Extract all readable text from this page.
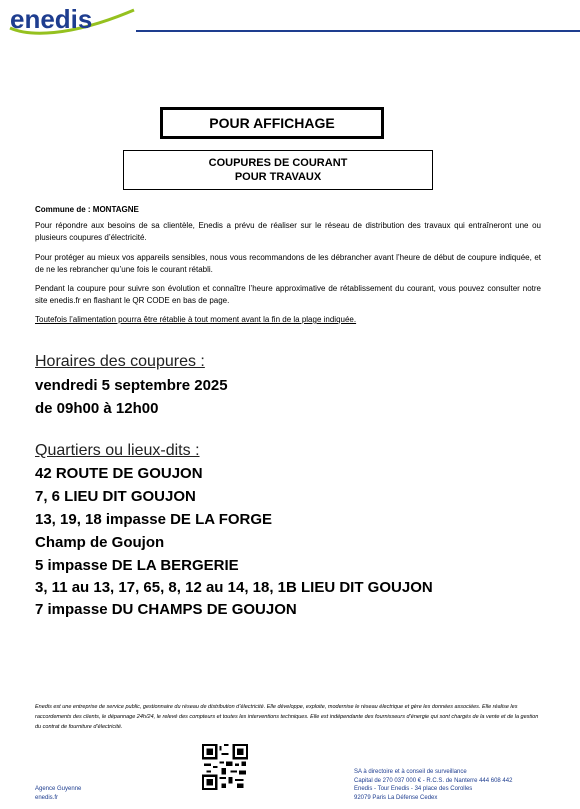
enedis
POUR AFFICHAGE
COUPURES DE COURANT
POUR TRAVAUX
Commune de : MONTAGNE
Pour répondre aux besoins de sa clientèle, Enedis a prévu de réaliser sur le réseau de distribution des travaux qui entraîneront une ou plusieurs coupures d’électricité.
Pour protéger au mieux vos appareils sensibles, nous vous recommandons de les débrancher avant l’heure de début de coupure indiquée, et de ne les rebrancher qu’une fois le courant rétabli.
Pendant la coupure pour suivre son évolution et connaître l’heure approximative de rétablissement du courant, vous pouvez consulter notre site enedis.fr en flashant le QR CODE en bas de page.
Toutefois l’alimentation pourra être rétablie à tout moment avant la fin de la plage indiquée.
Horaires des coupures :
vendredi 5 septembre 2025
de 09h00 à 12h00
Quartiers ou lieux-dits :
42 ROUTE DE GOUJON
7, 6 LIEU DIT GOUJON
13, 19, 18 impasse DE LA FORGE
Champ de Goujon
5 impasse DE LA BERGERIE
3, 11 au 13, 17, 65, 8, 12 au 14, 18, 1B LIEU DIT GOUJON
7 impasse DU CHAMPS DE GOUJON
Enedis est une entreprise de service public, gestionnaire du réseau de distribution d’électricité. Elle développe, exploite, modernise le réseau électrique et gère les données associées. Elle réalise les raccordements des clients, le dépannage 24h/24, le relevé des compteurs et toutes les interventions techniques. Elle est indépendante des fournisseurs d’énergie qui sont chargés de la vente et de la gestion du contrat de fourniture d’électricité.
Agence Guyenne
enedis.fr
SA à directoire et à conseil de surveillance
Capital de 270 037 000 € - R.C.S. de Nanterre 444 608 442
Enedis - Tour Enedis - 34 place des Corolles
92079 Paris La Défense Cedex
